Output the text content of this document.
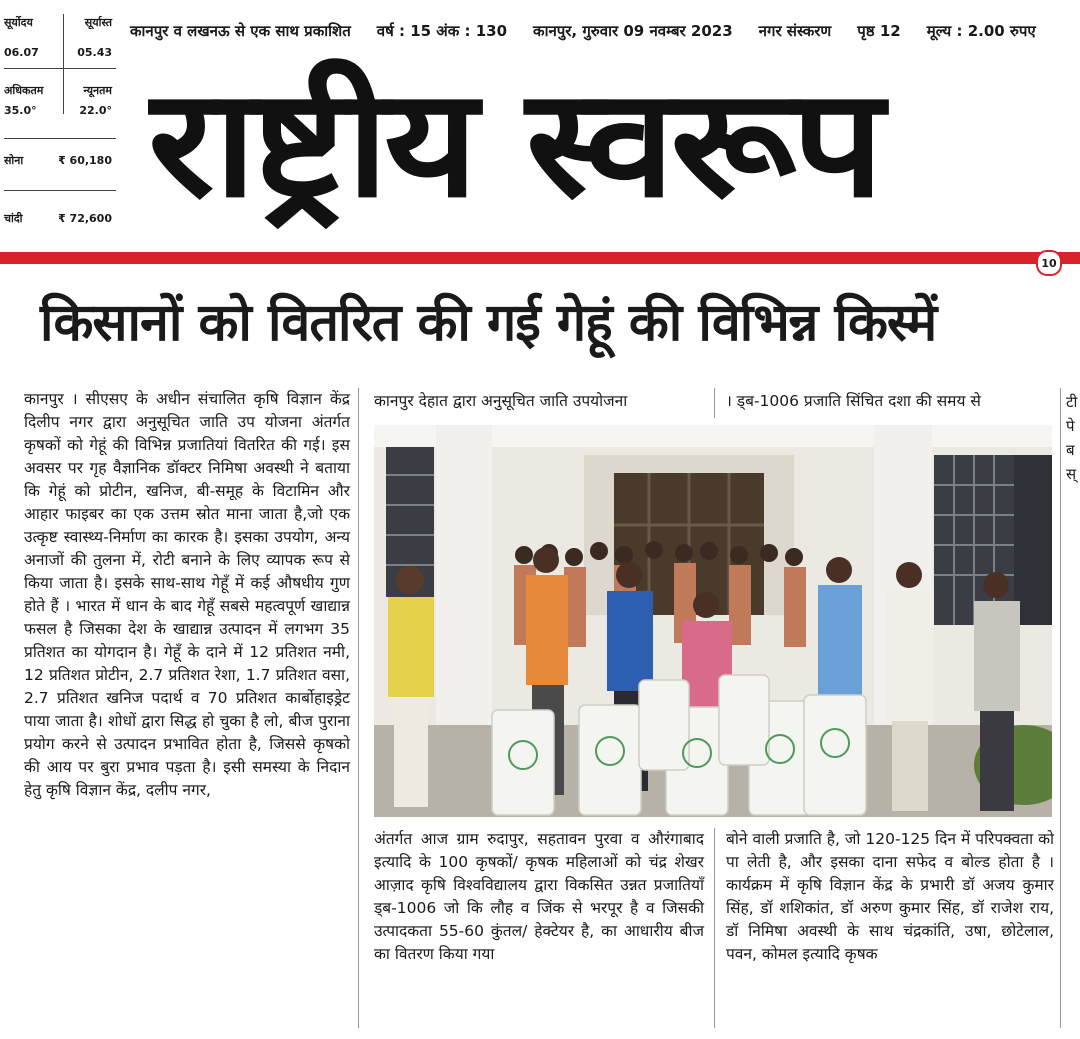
सूर्योदय	सूर्यास्त
06.07	05.43
अधिकतम	न्यूनतम
35.0°	22.0°
सोना	₹ 60,180
चांदी	₹ 72,600
कानपुर व लखनऊ से एक साथ प्रकाशित वर्ष : 15 अंक : 130 कानपुर, गुरुवार 09 नवम्बर 2023 नगर संस्करण पृष्ठ 12 मूल्य : 2.00 रुपए
राष्ट्रीय स्वरूप
10
किसानों को वितरित की गई गेहूं की विभिन्न किस्में

कानपुर । सीएसए के अधीन संचालित कृषि विज्ञान केंद्र दिलीप नगर द्वारा अनुसूचित जाति उप योजना अंतर्गत कृषकों को गेहूं की विभिन्न प्रजातियां वितरित की गई। इस अवसर पर गृह वैज्ञानिक डॉक्टर निमिषा अवस्थी ने बताया कि गेहूं को प्रोटीन, खनिज, बी-समूह के विटामिन और आहार फाइबर का एक उत्तम स्रोत माना जाता है,जो एक उत्कृष्ट स्वास्थ्य-निर्माण का कारक है। इसका उपयोग, अन्य अनाजों की तुलना में, रोटी बनाने के लिए व्यापक रूप से किया जाता है। इसके साथ-साथ गेहूँ में कई औषधीय गुण होते हैं । भारत में धान के बाद गेहूँ सबसे महत्वपूर्ण खाद्यान्न फसल है जिसका देश के खाद्यान्न उत्पादन में लगभग 35 प्रतिशत का योगदान है। गेहूँ के दाने में 12 प्रतिशत नमी, 12 प्रतिशत प्रोटीन, 2.7 प्रतिशत रेशा, 1.7 प्रतिशत वसा, 2.7 प्रतिशत खनिज पदार्थ व 70 प्रतिशत कार्बोहाइड्रेट पाया जाता है। शोधों द्वारा सिद्ध हो चुका है लो, बीज पुराना प्रयोग करने से उत्पादन प्रभावित होता है, जिससे कृषको की आय पर बुरा प्रभाव पड़ता है। इसी समस्या के निदान हेतु कृषि विज्ञान केंद्र, दलीप नगर,

कानपुर देहात द्वारा अनुसूचित जाति उपयोजना	। ड्ब-1006 प्रजाति सिंचित दशा की समय से

अंतर्गत आज ग्राम रुदापुर, सहतावन पुरवा व औरंगाबाद इत्यादि के 100 कृषकों/ कृषक महिलाओं को चंद्र शेखर आज़ाद कृषि विश्वविद्यालय द्वारा विकसित उन्नत प्रजातियाँ ड्ब-1006 जो कि लौह व जिंक से भरपूर है व जिसकी उत्पादकता 55-60 कुंतल/ हेक्टेयर है, का आधारीय बीज का वितरण किया गया

बोने वाली प्रजाति है, जो 120-125 दिन में परिपक्वता को पा लेती है, और इसका दाना सफेद व बोल्ड होता है । कार्यक्रम में कृषि विज्ञान केंद्र के प्रभारी डॉ अजय कुमार सिंह, डॉ शशिकांत, डॉ अरुण कुमार सिंह, डॉ राजेश राय, डॉ निमिषा अवस्थी के साथ चंद्रकांति, उषा, छोटेलाल, पवन, कोमल इत्यादि कृषक

टी पे ब स्
